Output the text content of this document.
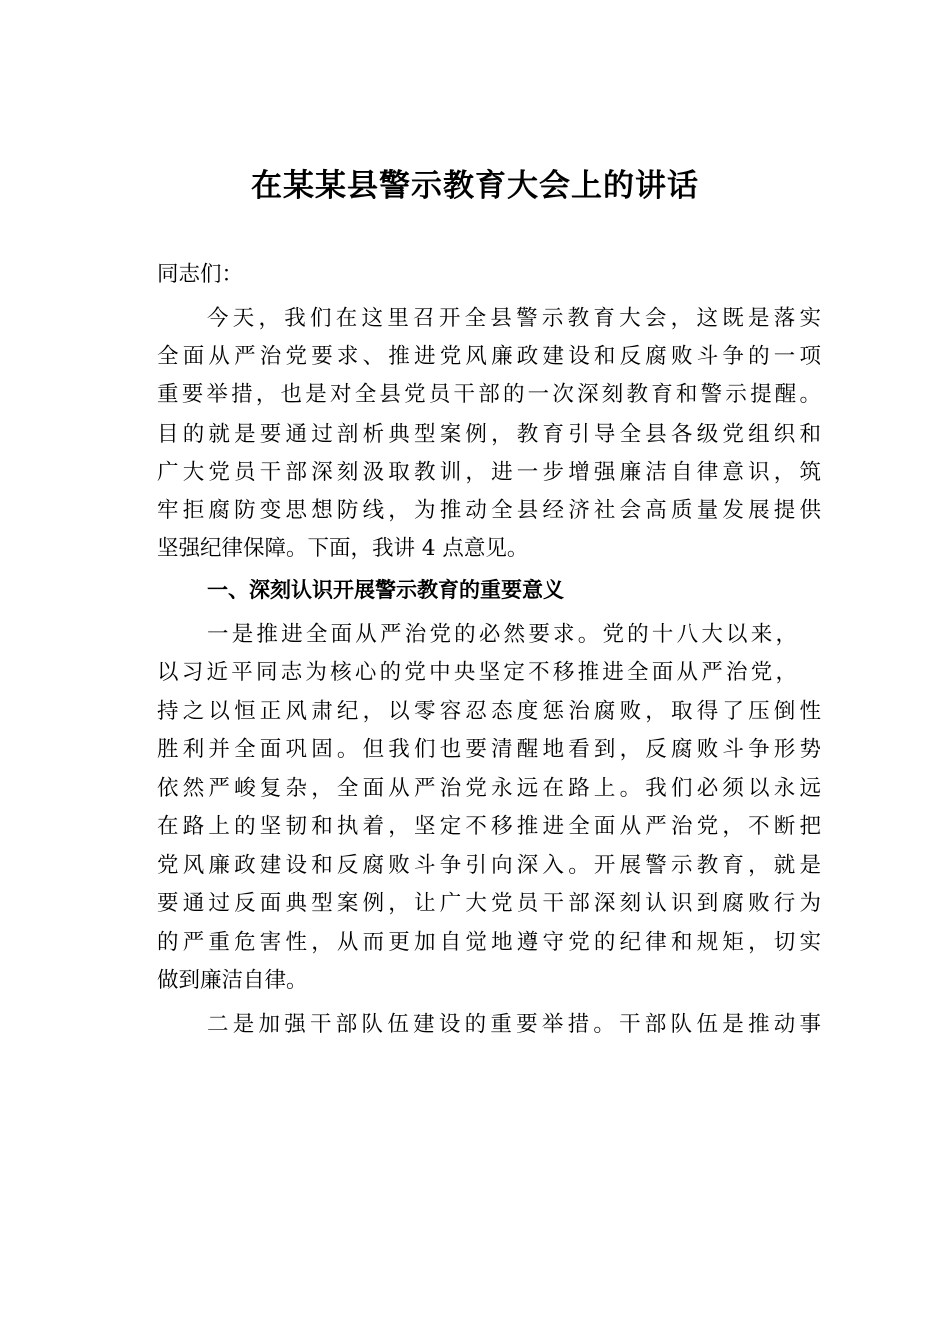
在某某县警示教育大会上的讲话

同志们：

今天，我们在这里召开全县警示教育大会，这既是落实

全面从严治党要求、推进党风廉政建设和反腐败斗争的一项

重要举措，也是对全县党员干部的一次深刻教育和警示提醒。

目的就是要通过剖析典型案例，教育引导全县各级党组织和

广大党员干部深刻汲取教训，进一步增强廉洁自律意识，筑

牢拒腐防变思想防线，为推动全县经济社会高质量发展提供

坚强纪律保障。下面，我讲 4 点意见。

一、深刻认识开展警示教育的重要意义

一是推进全面从严治党的必然要求。党的十八大以来，

以习近平同志为核心的党中央坚定不移推进全面从严治党，

持之以恒正风肃纪，以零容忍态度惩治腐败，取得了压倒性

胜利并全面巩固。但我们也要清醒地看到，反腐败斗争形势

依然严峻复杂，全面从严治党永远在路上。我们必须以永远

在路上的坚韧和执着，坚定不移推进全面从严治党，不断把

党风廉政建设和反腐败斗争引向深入。开展警示教育，就是

要通过反面典型案例，让广大党员干部深刻认识到腐败行为

的严重危害性，从而更加自觉地遵守党的纪律和规矩，切实

做到廉洁自律。

二是加强干部队伍建设的重要举措。干部队伍是推动事
